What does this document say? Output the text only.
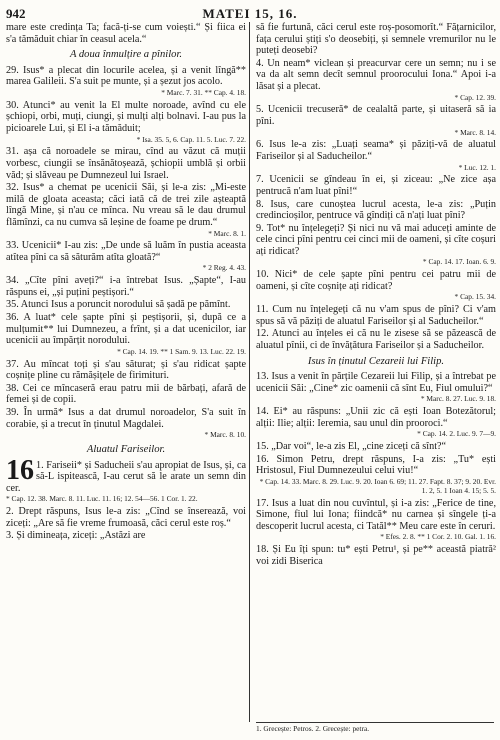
942	MATEI 15, 16.

mare este credința Ta; facă-ți-se cum voiești.“ Și fiica ei s'a tămăduit chiar în ceasul acela.“

A doua înmulțire a pînilor.

29. Isus* a plecat din locurile acelea, și a venit lîngă** marea Galileii. S'a suit pe munte, și a șezut jos acolo.

* Marc. 7. 31. ** Cap. 4. 18.

30. Atunci* au venit la El multe noroade, avînd cu ele șchiopi, orbi, muți, ciungi, și mulți alți bolnavi. I-au pus la picioarele Lui, și El i-a tămăduit;

* Isa. 35. 5, 6. Cap. 11. 5. Luc. 7. 22.

31. așa că noroadele se mirau, cînd au văzut că muții vorbesc, ciungii se însănătoșează, șchiopii umblă și orbii văd; și slăveau pe Dumnezeul lui Israel.

32. Isus* a chemat pe ucenicii Săi, și le-a zis: „Mi-este milă de gloata aceasta; căci iată că de trei zile așteaptă lîngă Mine, și n'au ce mînca. Nu vreau să le dau drumul flămînzi, ca nu cumva să leșine de foame pe drum.“

* Marc. 8. 1.

33. Ucenicii* I-au zis: „De unde să luăm în pustia aceasta atîtea pîni ca să săturăm atîta gloată?“

* 2 Reg. 4. 43.

34. „Cîte pîni aveți?“ i-a întrebat Isus. „Șapte“, I-au răspuns ei, „și puțini peștișori.“

35. Atunci Isus a poruncit norodului să șadă pe pămînt.

36. A luat* cele șapte pîni și peștișorii, și, după ce a mulțumit** lui Dumnezeu, a frînt, și a dat ucenicilor, iar ucenicii au împărțit norodului.

* Cap. 14. 19. ** 1 Sam. 9. 13. Luc. 22. 19.

37. Au mîncat toți și s'au săturat; și s'au ridicat șapte coșnițe pline cu rămășițele de firimituri.

38. Cei ce mîncaseră erau patru mii de bărbați, afară de femei și de copii.

39. În urmă* Isus a dat drumul noroadelor, S'a suit în corabie, și a trecut în ținutul Magdalei.

* Marc. 8. 10.

Aluatul Fariseilor.

16 1. Fariseii* și Saducheii s'au apropiat de Isus, și, ca să-L ispitească, I-au cerut să le arate un semn din cer.

* Cap. 12. 38. Marc. 8. 11. Luc. 11. 16; 12. 54—56. 1 Cor. 1. 22.

2. Drept răspuns, Isus le-a zis: „Cînd se înserează, voi ziceți: „Are să fie vreme frumoasă, căci cerul este roș.“

3. Și dimineața, ziceți: „Astăzi are

să fie furtună, căci cerul este roș-posomorît.“ Fățarnicilor, fața cerului știți s'o deosebiți, și semnele vremurilor nu le puteți deosebi?

4. Un neam* viclean și preacurvar cere un semn; nu i se va da alt semn decît semnul proorocului Iona.“ Apoi i-a lăsat și a plecat.

* Cap. 12. 39.

5. Ucenicii trecuseră* de cealaltă parte, și uitaseră să ia pîni.

* Marc. 8. 14.

6. Isus le-a zis: „Luați seama* și păziți-vă de aluatul Fariseilor și al Saducheilor.“

* Luc. 12. 1.

7. Ucenicii se gîndeau în ei, și ziceau: „Ne zice așa pentrucă n'am luat pîni!“

8. Isus, care cunoștea lucrul acesta, le-a zis: „Puțin credincioșilor, pentruce vă gîndiți că n'ați luat pîni?

9. Tot* nu înțelegeți? Și nici nu vă mai aduceți aminte de cele cinci pîni pentru cei cinci mii de oameni, și cîte coșuri ați ridicat?

* Cap. 14. 17. Ioan. 6. 9.

10. Nici* de cele șapte pîni pentru cei patru mii de oameni, și cîte coșnițe ați ridicat?

* Cap. 15. 34.

11. Cum nu înțelegeți că nu v'am spus de pîni? Ci v'am spus să vă păziți de aluatul Fariseilor și al Saducheilor.“

12. Atunci au înțeles ei că nu le zisese să se păzească de aluatul pînii, ci de învățătura Fariseilor și a Saducheilor.

Isus în ținutul Cezareii lui Filip.

13. Isus a venit în părțile Cezareii lui Filip, și a întrebat pe ucenicii Săi: „Cine* zic oamenii că sînt Eu, Fiul omului?“

* Marc. 8. 27. Luc. 9. 18.

14. Ei* au răspuns: „Unii zic că ești Ioan Botezătorul; alții: Ilie; alții: Ieremia, sau unul din prooroci.“

* Cap. 14. 2. Luc. 9. 7—9.

15. „Dar voi“, le-a zis El, „cine ziceți că sînt?“

16. Simon Petru, drept răspuns, I-a zis: „Tu* ești Hristosul, Fiul Dumnezeului celui viu!“

* Cap. 14. 33. Marc. 8. 29. Luc. 9. 20. Ioan 6. 69; 11. 27. Fapt. 8. 37; 9. 20. Evr. 1. 2, 5. 1 Ioan 4. 15; 5. 5.

17. Isus a luat din nou cuvîntul, și i-a zis: „Ferice de tine, Simone, fiul lui Iona; fiindcă* nu carnea și sîngele ți-a descoperit lucrul acesta, ci Tatăl** Meu care este în ceruri.

* Efes. 2. 8. ** 1 Cor. 2. 10. Gal. 1. 16.

18. Și Eu îți spun: tu* ești Petru¹, și pe** această piatră² voi zidi Biserica

1. Grecește: Petros. 2. Grecește: petra.
